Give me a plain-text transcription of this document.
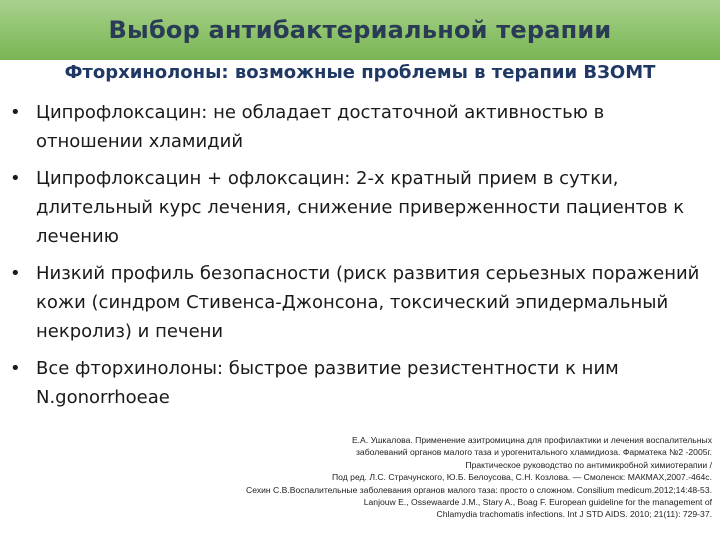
Выбор антибактериальной терапии
Фторхинолоны: возможные проблемы в терапии ВЗОМТ
• Ципрофлоксацин: не обладает достаточной активностью в отношении хламидий
• Ципрофлоксацин + офлоксацин: 2-х кратный прием в сутки, длительный курс лечения, снижение приверженности пациентов к лечению
• Низкий профиль безопасности (риск развития серьезных поражений кожи (синдром Стивенса-Джонсона, токсический эпидермальный некролиз) и печени
• Все фторхинолоны: быстрое развитие резистентности к ним N.gonorrhoeae
Е.А. Ушкалова. Применение азитромицина для профилактики и лечения воспалительных
заболеваний органов малого таза и урогенитального хламидиоза. Фарматека №2 -2005г.
Практическое руководство по антимикробной химиотерапии /
Под ред. Л.С. Страчунского, Ю.Б. Белоусова, С.Н. Козлова. — Смоленск: МАКМАХ,2007.-464с.
Сехин С.В.Воспалительные заболевания органов малого таза: просто о сложном. Consilium medicum.2012;14:48-53.
Lanjouw E., Ossewaarde J.M., Stary A., Boag F. European guideline for the management of
Chlamydia trachomatis infections. Int J STD AIDS. 2010; 21(11): 729-37.
